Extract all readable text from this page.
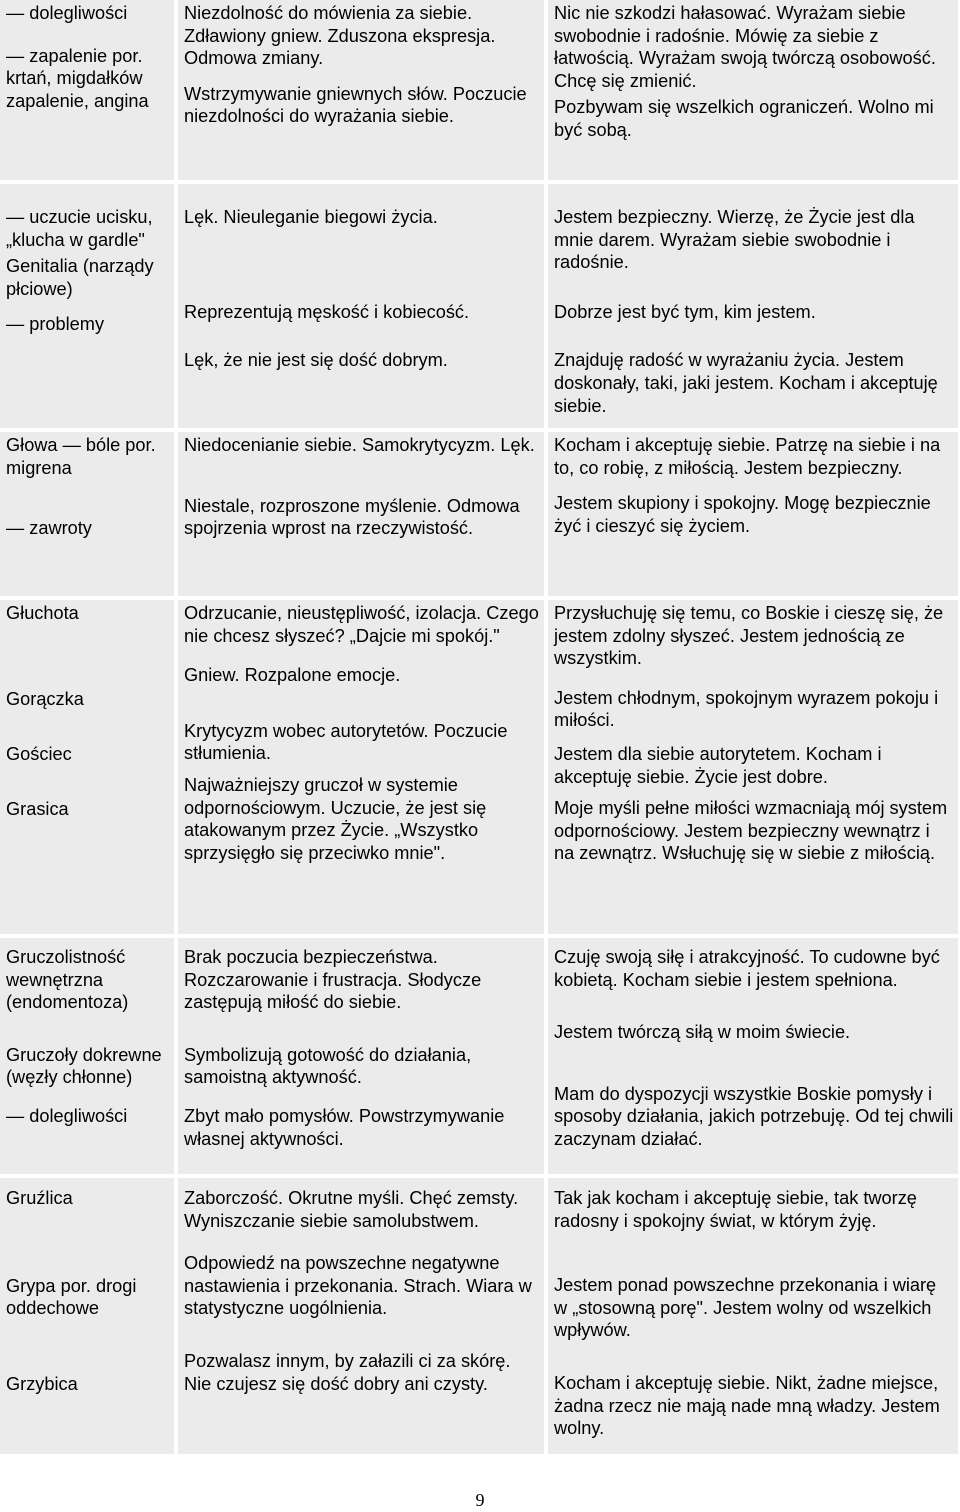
— dolegliwości

— zapalenie por. krtań, migdałków zapalenie, angina

Niezdolność do mówienia za siebie. Zdławiony gniew. Zduszona ekspresja. Odmowa zmiany.

Wstrzymywanie gniewnych słów. Poczucie niezdolności do wyrażania siebie.

Nic nie szkodzi hałasować. Wyrażam siebie swobodnie i radośnie. Mówię za siebie z łatwością. Wyrażam swoją twórczą osobowość. Chcę się zmienić.

Pozbywam się wszelkich ograniczeń. Wolno mi być sobą.

— uczucie ucisku, „klucha w gardle"

Genitalia (narządy płciowe)

— problemy

Lęk. Nieuleganie biegowi życia.

Reprezentują męskość i kobiecość.

Lęk, że nie jest się dość dobrym.

Jestem bezpieczny. Wierzę, że Życie jest dla mnie darem. Wyrażam siebie swobodnie i radośnie.

Dobrze jest być tym, kim jestem.

Znajduję radość w wyrażaniu życia. Jestem doskonały, taki, jaki jestem. Kocham i akceptuję siebie.

Głowa — bóle por. migrena

— zawroty

Niedocenianie siebie. Samokrytycyzm. Lęk.

Niestale, rozproszone myślenie. Odmowa spojrzenia wprost na rzeczywistość.

Kocham i akceptuję siebie. Patrzę na siebie i na to, co robię, z miłością. Jestem bezpieczny.

Jestem skupiony i spokojny. Mogę bezpiecznie żyć i cieszyć się życiem.

Głuchota

Gorączka

Gościec

Grasica

Odrzucanie, nieustępliwość, izolacja. Czego nie chcesz słyszeć? „Dajcie mi spokój."

Gniew. Rozpalone emocje.

Krytycyzm wobec autorytetów. Poczucie stłumienia.

Najważniejszy gruczoł w systemie odpornościowym. Uczucie, że jest się atakowanym przez Życie. „Wszystko sprzysięgło się przeciwko mnie".

Przysłuchuję się temu, co Boskie i cieszę się, że jestem zdolny słyszeć. Jestem jednością ze wszystkim.

Jestem chłodnym, spokojnym wyrazem pokoju i miłości.

Jestem dla siebie autorytetem. Kocham i akceptuję siebie. Życie jest dobre.

Moje myśli pełne miłości wzmacniają mój system odpornościowy. Jestem bezpieczny wewnątrz i na zewnątrz. Wsłuchuję się w siebie z miłością.

Gruczolistność wewnętrzna (endomentoza)

Gruczoły dokrewne (węzły chłonne)

— dolegliwości

Brak poczucia bezpieczeństwa. Rozczarowanie i frustracja. Słodycze zastępują miłość do siebie.

Symbolizują gotowość do działania, samoistną aktywność.

Zbyt mało pomysłów. Powstrzymywanie własnej aktywności.

Czuję swoją siłę i atrakcyjność. To cudowne być kobietą. Kocham siebie i jestem spełniona.

Jestem twórczą siłą w moim świecie.

Mam do dyspozycji wszystkie Boskie pomysły i sposoby działania, jakich potrzebuję. Od tej chwili zaczynam działać.

Gruźlica

Grypa por. drogi oddechowe

Grzybica

Zaborczość. Okrutne myśli. Chęć zemsty. Wyniszczanie siebie samolubstwem.

Odpowiedź na powszechne negatywne nastawienia i przekonania. Strach. Wiara w statystyczne uogólnienia.

Pozwalasz innym, by załazili ci za skórę. Nie czujesz się dość dobry ani czysty.

Tak jak kocham i akceptuję siebie, tak tworzę radosny i spokojny świat, w którym żyję.

Jestem ponad powszechne przekonania i wiarę w „stosowną porę". Jestem wolny od wszelkich wpływów.

Kocham i akceptuję siebie. Nikt, żadne miejsce, żadna rzecz nie mają nade mną władzy. Jestem wolny.

9
